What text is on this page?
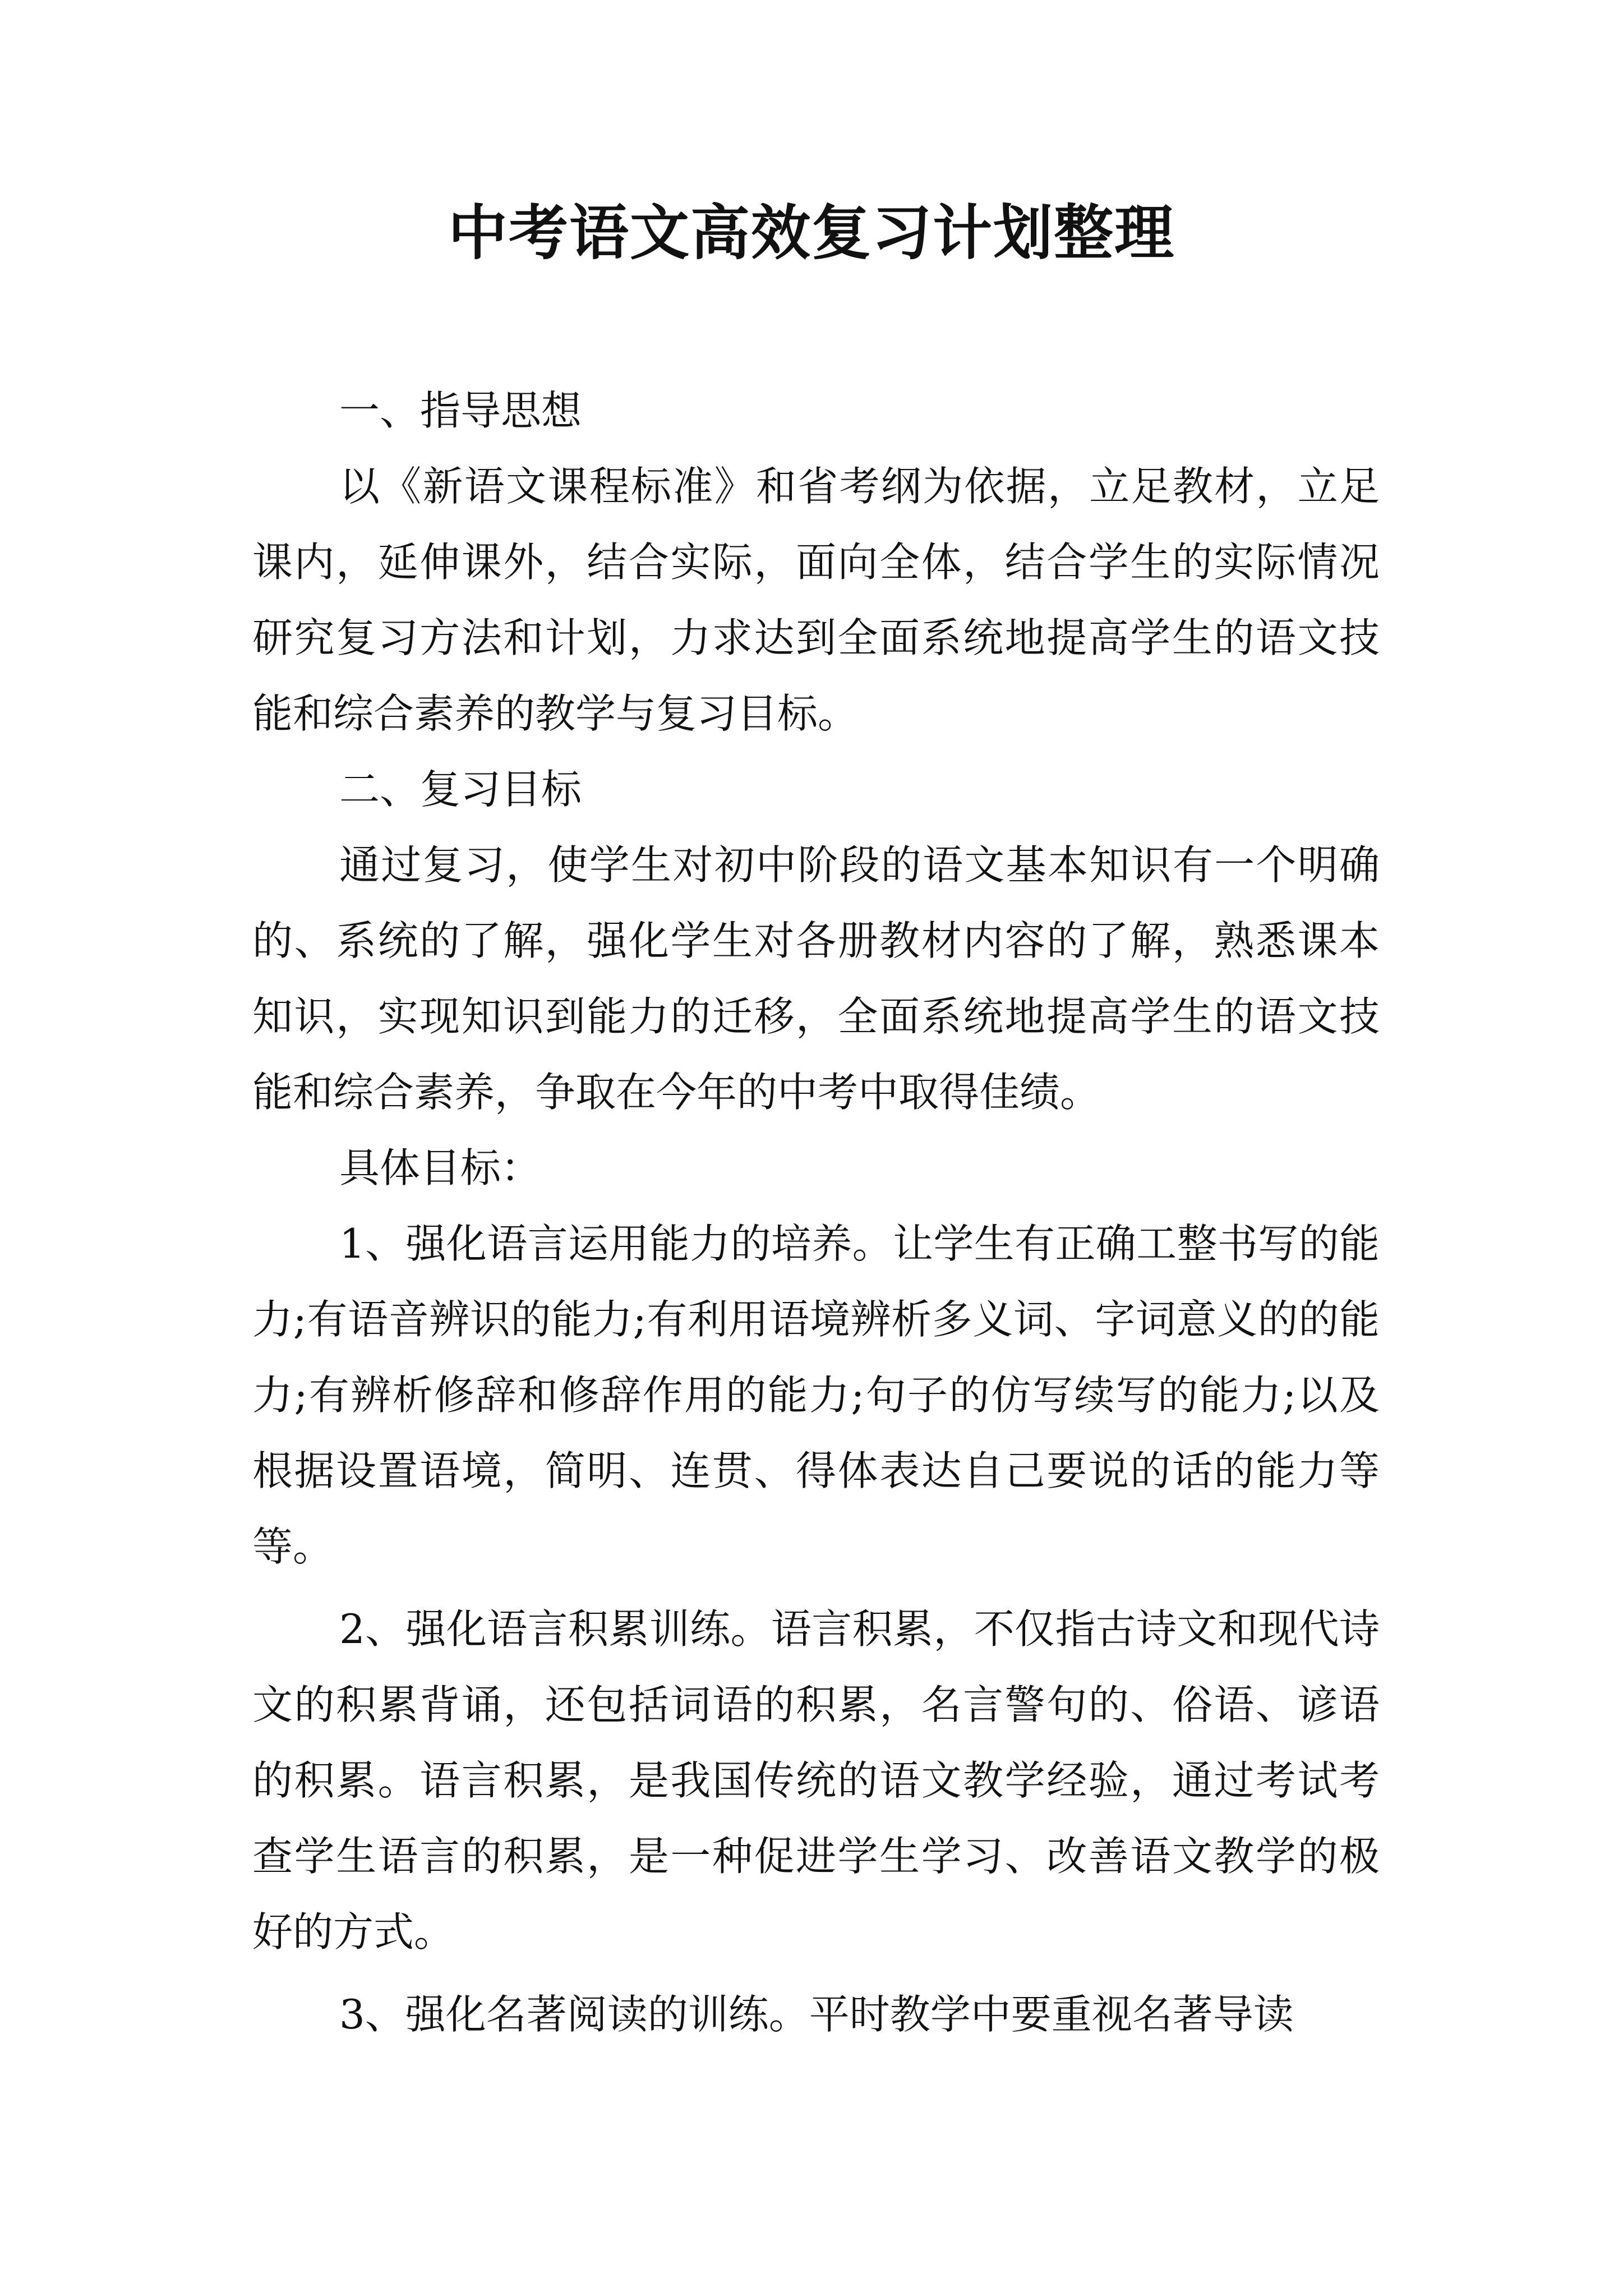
中考语文高效复习计划整理

一、指导思想

以《新语文课程标准》和省考纲为依据，立足教材，立足课内，延伸课外，结合实际，面向全体，结合学生的实际情况研究复习方法和计划，力求达到全面系统地提高学生的语文技能和综合素养的教学与复习目标。

二、复习目标

通过复习，使学生对初中阶段的语文基本知识有一个明确的、系统的了解，强化学生对各册教材内容的了解，熟悉课本知识，实现知识到能力的迁移，全面系统地提高学生的语文技能和综合素养，争取在今年的中考中取得佳绩。

具体目标：

1、强化语言运用能力的培养。让学生有正确工整书写的能力;有语音辨识的能力;有利用语境辨析多义词、字词意义的的能力;有辨析修辞和修辞作用的能力;句子的仿写续写的能力;以及根据设置语境，简明、连贯、得体表达自己要说的话的能力等等。

2、强化语言积累训练。语言积累，不仅指古诗文和现代诗文的积累背诵，还包括词语的积累，名言警句的、俗语、谚语的积累。语言积累，是我国传统的语文教学经验，通过考试考查学生语言的积累，是一种促进学生学习、改善语文教学的极好的方式。

3、强化名著阅读的训练。平时教学中要重视名著导读
